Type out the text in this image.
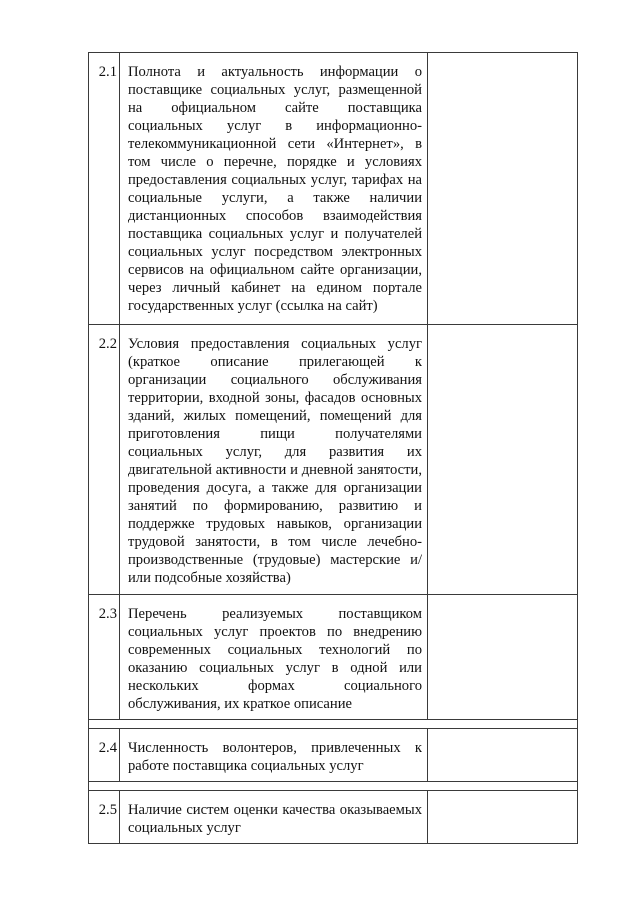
2.1	Полнота и актуальность информации о поставщике социальных услуг, размещенной на официальном сайте поставщика социальных услуг в информационно-телекоммуникационной сети «Интернет», в том числе о перечне, порядке и условиях предоставления социальных услуг, тарифах на социальные услуги, а также наличии дистанционных способов взаимодействия поставщика социальных услуг и получателей социальных услуг посредством электронных сервисов на официальном сайте организации, через личный кабинет на едином портале государственных услуг (ссылка на сайт)	
2.2	Условия предоставления социальных услуг (краткое описание прилегающей к организации социального обслуживания территории, входной зоны, фасадов основных зданий, жилых помещений, помещений для приготовления пищи получателями социальных услуг, для развития их двигательной активности и дневной занятости, проведения досуга, а также для организации занятий по формированию, развитию и поддержке трудовых навыков, организации трудовой занятости, в том числе лечебно-производственные (трудовые) мастерские и/или подсобные хозяйства)	
2.3	Перечень реализуемых поставщиком социальных услуг проектов по внедрению современных социальных технологий по оказанию социальных услуг в одной или нескольких формах социального обслуживания, их краткое описание	

2.4	Численность волонтеров, привлеченных к работе поставщика социальных услуг	

2.5	Наличие систем оценки качества оказываемых социальных услуг	
